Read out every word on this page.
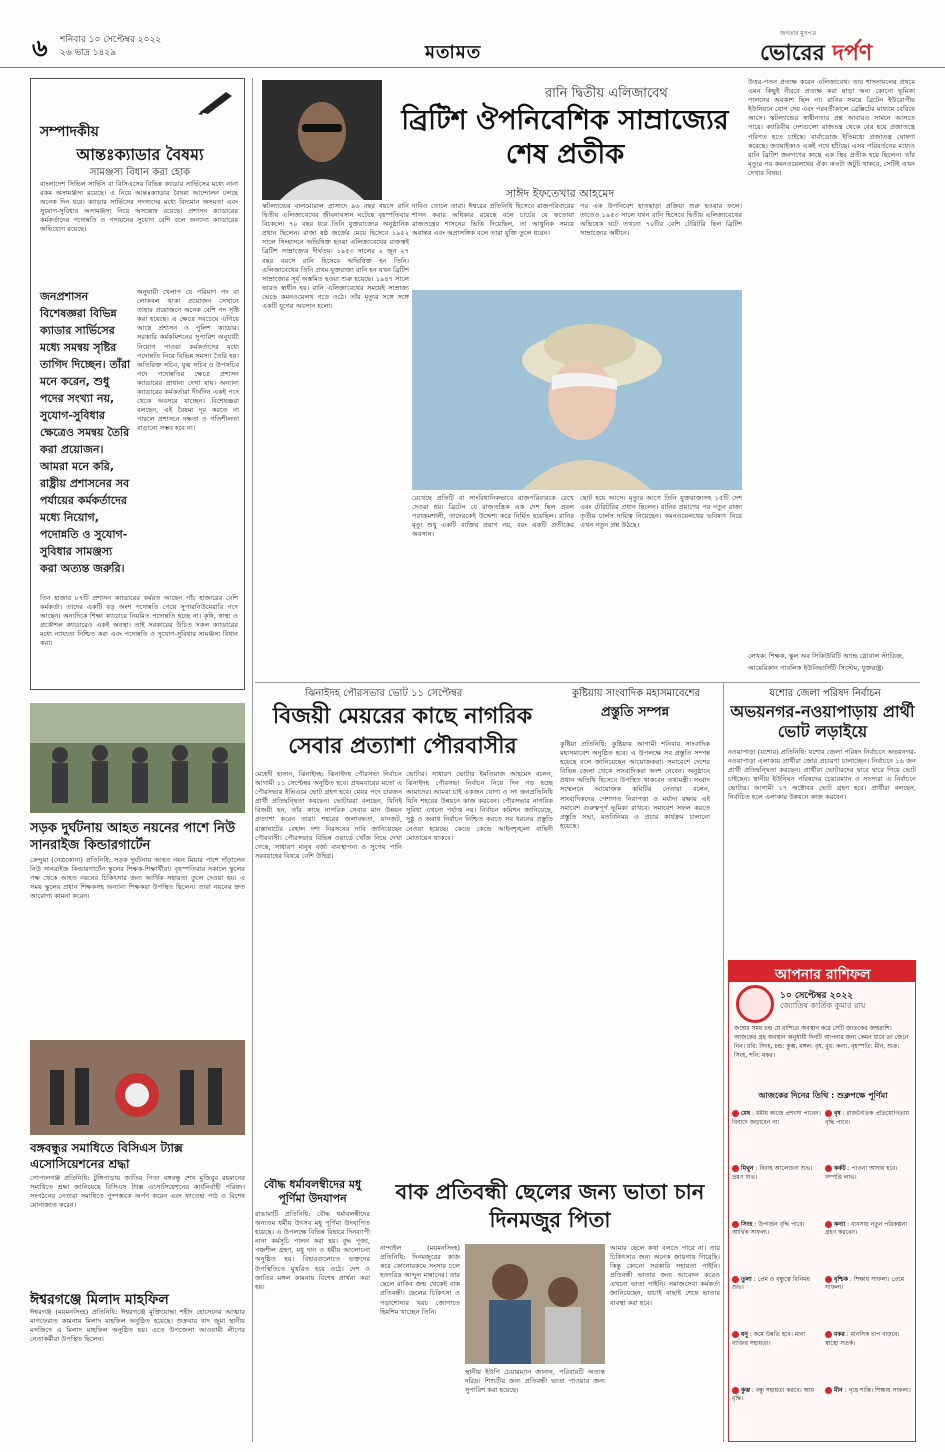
৬ শনিবার ১০ সেপ্টেম্বর ২০২২
২৬ ভাদ্র ১৪২৯	মতামত
জনতার মুখপত্র
ভোরের দর্পণ
সম্পাদকীয়
আন্তঃক্যাডার বৈষম্য
সামঞ্জস্য বিধান করা হোক
বাংলাদেশ সিভিল সার্ভিস বা বিসিএসের বিভিন্ন ক্যাডার সার্ভিসের মধ্যে নানা রকম অসামঞ্জস্য রয়েছে। এ নিয়ে আন্তঃক্যাডার বৈষম্য আন্দোলন চলছে অনেক দিন ধরে। ক্যাডার সার্ভিসের সদস্যদের মধ্যে বিদ্যমান অসমতা এবং সুযোগ-সুবিধার অসামঞ্জস্য নিয়ে অসন্তোষ রয়েছে। প্রশাসন ক্যাডারের কর্মকর্তাদের পদোন্নতি ও পদায়নের সুযোগ বেশি বলে অন্যান্য ক্যাডারের অভিযোগ রয়েছে।
জনপ্রশাসন বিশেষজ্ঞরা বিভিন্ন ক্যাডার সার্ভিসের মধ্যে সমন্বয় সৃষ্টির তাগিদ দিচ্ছেন। তাঁরা মনে করেন, শুধু পদের সংখ্যা নয়, সুযোগ-সুবিধার ক্ষেত্রেও সমন্বয় তৈরি করা প্রয়োজন। আমরা মনে করি, রাষ্ট্রীয় প্রশাসনের সব পর্যায়ের কর্মকর্তাদের মধ্যে নিয়োগ, পদোন্নতি ও সুযোগ-সুবিধার সামঞ্জস্য করা অত্যন্ত জরুরি।
অনুযায়ী খেলাপ যে পরিমাণ পদ বা লোকবল থাকা প্রয়োজন সেখানে তাহার প্রয়োজনে অনেক বেশি পদ সৃষ্টি করা হয়েছে। এ ক্ষেত্রে সবচেয়ে এগিয়ে আছে প্রশাসন ও পুলিশ ক্যাডার। সরকারি কর্মকমিশনের সুপারিশ অনুযায়ী নিয়োগ পাওয়া কর্মকর্তাদের মধ্যে পদোন্নতি নিয়ে বিভিন্ন সমস্যা তৈরি হয়। অতিরিক্ত সচিব, যুগ্ম সচিব ও উপসচিব পদে পদোন্নতির ক্ষেত্রে প্রশাসন ক্যাডারের প্রাধান্য দেখা যায়। অন্যান্য ক্যাডারের কর্মকর্তারা দীর্ঘদিন একই পদে থেকে অবসরে যাচ্ছেন। বিশেষজ্ঞরা বলছেন, এই বৈষম্য দূর করতে না পারলে প্রশাসনে দক্ষতা ও গতিশীলতা বাড়ানো সম্ভব হবে না।
তিন হাজার ৮৭টি প্রশাসন ক্যাডারের কর্মরত আছেন পাঁচ হাজারের বেশি কর্মকর্তা। তাদের একটি বড় অংশ পদোন্নতি পেয়ে সুপারনিউমেরারি পদে আছেন। অন্যদিকে শিক্ষা ক্যাডারে নিয়মিত পদোন্নতি হচ্ছে না। কৃষি, স্বাস্থ্য ও প্রকৌশল ক্যাডারেও একই অবস্থা। তাই সরকারের উচিত সকল ক্যাডারের মধ্যে ন্যায্যতা নিশ্চিত করা এবং পদোন্নতি ও সুযোগ-সুবিধার সামঞ্জস্য বিধান করা।
রানি দ্বিতীয় এলিজাবেথ
ব্রিটিশ ঔপনিবেশিক সাম্রাজ্যের শেষ প্রতীক
সাঈদ ইফতেখার আহমেদ
স্কটল্যান্ডের বালমোরাল প্রাসাদে ৯৬ বছর বয়সে রানি দ্বিতীয় এলিজাবেথের জীবনাবসান ঘটেছে বৃহস্পতিবার বিকেলে। ৭০ বছর ধরে তিনি যুক্তরাজ্যের অনুষ্ঠানিক প্রধান ছিলেন। রাজা ষষ্ঠ জর্জের মেয়ে হিসেবে ১৯৫২ সালে সিংহাসনে অভিষিক্ত হওয়া এলিজাবেথের রাজত্বই ব্রিটিশ সাম্রাজ্যের দীর্ঘতম। ১৯৫৩ সালের ২ জুন ২৭ বছর বয়সে রানি হিসেবে অভিষিক্ত হন তিনি। এলিজাবেথের তিনি প্রথম যুক্তরাজ্য রানি হন যখন ব্রিটিশ সাম্রাজ্যের সূর্য অস্তমিত হওয়া শুরু হয়েছে। ১৯৪৭ সালে ভারত স্বাধীন হয়। রানি এলিজাবেথের সময়েই সাম্রাজ্য ভেঙে কমনওয়েলথ গড়ে ওঠে। তাঁর মৃত্যুর সঙ্গে সঙ্গে একটি যুগের অবসান হলো।
দাবিও তোলে তারা। ঈশ্বরের প্রতিনিধি হিসেবে রাজপরিবারের শাসন করার অধিকার রয়েছে বলে চার্চের যে ফতোয়া রাজতন্ত্রের শাসনের ভিত্তি দিয়েছিল, তা আধুনিক সময়ে অবান্তর এবং অপ্রাসঙ্গিক বলে তারা যুক্তি তুলে ধরেন।
পর এক উপনিবেশ হাতছাড়া প্রক্রিয়া শুরু হওয়ার ফলে। তাতেও ১৯৫৩ সালে যখন রানি হিসেবে দ্বিতীয় এলিজাবেথের অভিষেক ঘটে তখনো ৭০টির বেশি টেরিটরি ছিল ব্রিটিশ সাম্রাজ্যের অধীনে।
রেখেছে প্রতিটি বা সাংবিধানিকভাবে রাজপরিবারকে রেখে দেওয়া হয়। ব্রিটেন যে রাজতন্ত্রিক এক দেশ ছিল প্রবল পরাক্রমশালী, তাদেরকেই উদ্দেশ্য করে নির্মিত হয়েছিল। রানির মৃত্যু শুধু একটি ব্যক্তির প্রয়াণ নয়, বরং একটি প্রতীকের অবসান।
ছোট হয়ে আসে। মৃত্যুর আগে তিনি যুক্তরাজ্যসহ ১৫টি দেশ এবং টেরিটরির প্রধান ছিলেন। রানির প্রয়াণের পর নতুন রাজা তৃতীয় চার্লস দায়িত্ব নিয়েছেন। কমনওয়েলথের ভবিষ্যৎ নিয়ে এখন নতুন প্রশ্ন উঠছে।
উত্তর-পতন প্রত্যক্ষ করেন এলিজাবেথ। তার শাসনামলের প্রথমে এমন কিছুই নীরবে প্রত্যক্ষ করা ছাড়া অন্য কোনো ভূমিকা পালনের অবকাশ ছিল না। রানির সময়ে ব্রিটেন ইউরোপীয় ইউনিয়নে যোগ দেয় এবং পরবর্তীকালে ব্রেক্সিটের মাধ্যমে বেরিয়ে আসে। স্কটল্যান্ডের স্বাধীনতার প্রশ্ন আবারও সামনে আসতে পারে। ক্যারিবীয় দেশগুলো রাজতন্ত্র থেকে বের হয়ে প্রজাতন্ত্রে পরিণত হতে চাইছে। বার্বাডোজ ইতিমধ্যে প্রজাতন্ত্র ঘোষণা করেছে। জ্যামাইকাও একই পথে হাঁটছে। এসব পরিবর্তনের মধ্যেও রানি ব্রিটিশ জনগণের কাছে এক স্থির প্রতীক হয়ে ছিলেন। তাঁর মৃত্যুর পর কমনওয়েলথের ঐক্য কতটা অটুট থাকবে, সেটিই এখন দেখার বিষয়।
লেখক: শিক্ষক, স্কুল অব সিকিউরিটি অ্যান্ড গ্লোবাল স্টাডিজ, আমেরিকান পাবলিক ইউনিভার্সিটি সিস্টেম, যুক্তরাষ্ট্র।
সড়ক দুর্ঘটনায় আহত নয়নের পাশে নিউ সানরাইজ কিন্ডারগার্টেন
কেন্দুয়া (নেত্রকোনা) প্রতিনিধি: সড়ক দুর্ঘটনায় আহত নয়ন মিয়ার পাশে দাঁড়ালেন নিউ সানরাইজ কিন্ডারগার্টেন স্কুলের শিক্ষক-শিক্ষার্থীরা। বৃহস্পতিবার সকালে স্কুলের পক্ষ থেকে আহত নয়নের চিকিৎসার জন্য আর্থিক সহায়তা তুলে দেওয়া হয়। এ সময় স্কুলের প্রধান শিক্ষকসহ অন্যান্য শিক্ষকরা উপস্থিত ছিলেন। তারা নয়নের দ্রুত আরোগ্য কামনা করেন।
বঙ্গবন্ধুর সমাধিতে বিসিএস ট্যাক্স এসোসিয়েশনের শ্রদ্ধা
গোপালগঞ্জ প্রতিনিধি: টুঙ্গিপাড়ায় জাতির পিতা বঙ্গবন্ধু শেখ মুজিবুর রহমানের সমাধিতে শ্রদ্ধা জানিয়েছে বিসিএস ট্যাক্স এসোসিয়েশনের কার্যনির্বাহী পরিষদ। সংগঠনের নেতারা সমাধিতে পুষ্পস্তবক অর্পণ করেন এবং ফাতেহা পাঠ ও বিশেষ মোনাজাত করেন।
ঈশ্বরগঞ্জে মিলাদ মাহফিল
ঈশ্বরগঞ্জ (ময়মনসিংহ) প্রতিনিধি: ঈশ্বরগঞ্জে মুক্তিযোদ্ধা শহীদ হোসেনের আত্মার মাগফেরাত কামনায় মিলাদ মাহফিল অনুষ্ঠিত হয়েছে। শুক্রবার বাদ জুমা স্থানীয় মসজিদে এ মিলাদ মাহফিল অনুষ্ঠিত হয়। এতে উপজেলা আওয়ামী লীগের নেতাকর্মীরা উপস্থিত ছিলেন।
ঝিনাইদহ পৌরসভার ভোট ১১ সেপ্টেম্বর
বিজয়ী মেয়রের কাছে নাগরিক সেবার প্রত্যাশা পৌরবাসীর
মেহেদী হাসান, ঝিনাইদহ: ঝিনাইদহ পৌরসভা নির্বাচন আগামী ১১ সেপ্টেম্বর অনুষ্ঠিত হবে। প্রথমবারের মতো এ পৌরসভায় ইভিএমে ভোট গ্রহণ হবে। মেয়র পদে চারজন প্রার্থী প্রতিদ্বন্দ্বিতা করছেন। ভোটাররা বলছেন, যিনিই বিজয়ী হন, তাঁর কাছে নাগরিক সেবার মান উন্নয়ন প্রত্যাশা করেন তারা। শহরের জলাবদ্ধতা, যানজট, রাস্তাঘাটের বেহাল দশা নিরসনের দাবি জানিয়েছেন পৌরবাসী। পৌরসভার বিভিন্ন ওয়ার্ডে খোঁজ নিয়ে দেখা গেছে, সাধারণ মানুষ বর্জ্য ব্যবস্থাপনা ও সুপেয় পানি সরবরাহের বিষয়ে বেশি উদ্বিগ্ন।
ভোটার। সাধারণ ভোটার ইমতিয়াজ আহমেদ বলেন, ঝিনাইদহ পৌরসভা নির্বাচন নিয়ে দিন গড় হচ্ছে আমাদের। আমরা চাই একজন যোগ্য ও সৎ জনপ্রতিনিধি যিনি শহরের উন্নয়নে কাজ করবেন। পৌরসভার নাগরিক সুবিধা এখনো পর্যাপ্ত নয়। নির্বাচন কমিশন জানিয়েছে, সুষ্ঠু ও অবাধ নির্বাচন নিশ্চিত করতে সব ধরনের প্রস্তুতি নেওয়া হয়েছে। কেন্দ্রে কেন্দ্রে আইনশৃঙ্খলা বাহিনী মোতায়েন থাকবে।
কুষ্টিয়ায় সাংবাদিক মহাসমাবেশের
প্রস্তুতি সম্পন্ন
কুষ্টিয়া প্রতিনিধি: কুষ্টিয়ায় আগামী শনিবার সাংবাদিক মহাসমাবেশ অনুষ্ঠিত হবে। এ উপলক্ষে সব প্রস্তুতি সম্পন্ন হয়েছে বলে জানিয়েছেন আয়োজকরা। সমাবেশে দেশের বিভিন্ন জেলা থেকে সাংবাদিকরা অংশ নেবেন। অনুষ্ঠানে প্রধান অতিথি হিসেবে উপস্থিত থাকবেন তথ্যমন্ত্রী। সংবাদ সম্মেলনে আয়োজক কমিটির নেতারা বলেন, সাংবাদিকদের পেশাগত নিরাপত্তা ও মর্যাদা রক্ষায় এই সমাবেশ গুরুত্বপূর্ণ ভূমিকা রাখবে। সমাবেশ সফল করতে প্রস্তুতি সভা, মতবিনিময় ও প্রচার কার্যক্রম চালানো হয়েছে।
যশোর জেলা পরিষদ নির্বাচন
অভয়নগর-নওয়াপাড়ায় প্রার্থী ভোট লড়াইয়ে
নওয়াপাড়া (যশোর) প্রতিনিধি: যশোর জেলা পরিষদ নির্বাচনে অভয়নগর-নওয়াপাড়া এলাকায় প্রার্থীরা জোর প্রচারণা চালাচ্ছেন। নির্বাচনে ১৬ জন প্রার্থী প্রতিদ্বন্দ্বিতা করছেন। প্রার্থীরা ভোটারদের দ্বারে দ্বারে গিয়ে ভোট চাইছেন। স্থানীয় ইউনিয়ন পরিষদের চেয়ারম্যান ও সদস্যরা এ নির্বাচনে ভোটার। আগামী ১৭ অক্টোবর ভোট গ্রহণ হবে। প্রার্থীরা বলছেন, নির্বাচিত হলে এলাকার উন্নয়নে কাজ করবেন।
আপনার রাশিফল
১০ সেপ্টেম্বর ২০২২
জ্যোতিষ কার্তিক কুমার রায়
জন্মের সময় চন্দ্র যে রাশিতে অবস্থান করে সেটি জাতকের জন্মরাশি। আজকের গ্রহ অবস্থান অনুযায়ী দিনটি আপনার জন্য কেমন যাবে তা জেনে নিন। রবি: সিংহ, চন্দ্র: কুম্ভ, মঙ্গল: বৃষ, বুধ: কন্যা, বৃহস্পতি: মীন, শুক্র: সিংহ, শনি: মকর।
আজকের দিনের তিথি : শুক্লপক্ষে পূর্ণিমা
মেষ : ধর্মীয় কাজে প্রশংসা পাবেন। বিবাদে জড়াবেন না।
বৃষ : রাজনৈতিক প্রতিযোগিতায় বৃদ্ধি পাবে।
মিথুন : বিবাহ আলোচনা শুভ। ভ্রমণ শুভ।
কর্কট : পাওনা আদায় হবে। সম্পত্তি লাভ।
সিংহ : উপার্জন বৃদ্ধি পাবে। আর্থিক সাফল্য।
কন্যা : ব্যবসায় নতুন পরিকল্পনা গ্রহণ করবেন।
তুলা : প্রেম ও বন্ধুত্বে বিনিময় শুভ।
বৃশ্চিক : শিক্ষায় সাফল্য। প্রেমে সাফল্য।
ধনু : কর্মে উন্নতি হবে। মান্য ব্যক্তির সহায়তা।
মকর : মানসিক চাপ বাড়বে। স্বাস্থ্যে সতর্ক।
কুম্ভ : বন্ধু সহায়তা করবে। আয় বৃদ্ধি।
মীন : গৃহে শান্তি। শিক্ষায় সাফল্য।
বৌদ্ধ ধর্মাবলম্বীদের মধু পূর্ণিমা উদযাপন
রাঙামাটি প্রতিনিধি: বৌদ্ধ ধর্মাবলম্বীদের অন্যতম ধর্মীয় উৎসব মধু পূর্ণিমা উদযাপিত হয়েছে। এ উপলক্ষে বিভিন্ন বিহারে দিনব্যাপী নানা কর্মসূচি পালন করা হয়। বুদ্ধ পূজা, পঞ্চশীল গ্রহণ, মধু দান ও ধর্মীয় আলোচনা অনুষ্ঠিত হয়। বিহারগুলোতে ভক্তদের উপস্থিতিতে মুখরিত হয়ে ওঠে। দেশ ও জাতির মঙ্গল কামনায় বিশেষ প্রার্থনা করা হয়।
বাক প্রতিবন্ধী ছেলের জন্য ভাতা চান দিনমজুর পিতা
নান্দাইল (ময়মনসিংহ) প্রতিনিধি: দিনমজুরের কাজ করে কোনোরকমে সংসার চলে হতদরিদ্র আব্দুল মান্নানের। তার ছেলে রাকিব জন্ম থেকেই বাক প্রতিবন্ধী। ছেলের চিকিৎসা ও পড়াশোনার খরচ জোগাতে হিমশিম খাচ্ছেন তিনি।
আমার ছেলে কথা বলতে পারে না। তার চিকিৎসার জন্য অনেক জায়গায় গিয়েছি। কিন্তু কোনো সরকারি সহায়তা পাইনি। প্রতিবন্ধী ভাতার জন্য আবেদন করেও এখনো ভাতা পাইনি। সমাজসেবা কর্মকর্তা জানিয়েছেন, যাচাই বাছাই শেষে ভাতার ব্যবস্থা করা হবে।
স্থানীয় ইউপি চেয়ারম্যান জানান, পরিবারটি অত্যন্ত দরিদ্র। শিশুটির জন্য প্রতিবন্ধী ভাতা পাওয়ার জন্য সুপারিশ করা হয়েছে।
